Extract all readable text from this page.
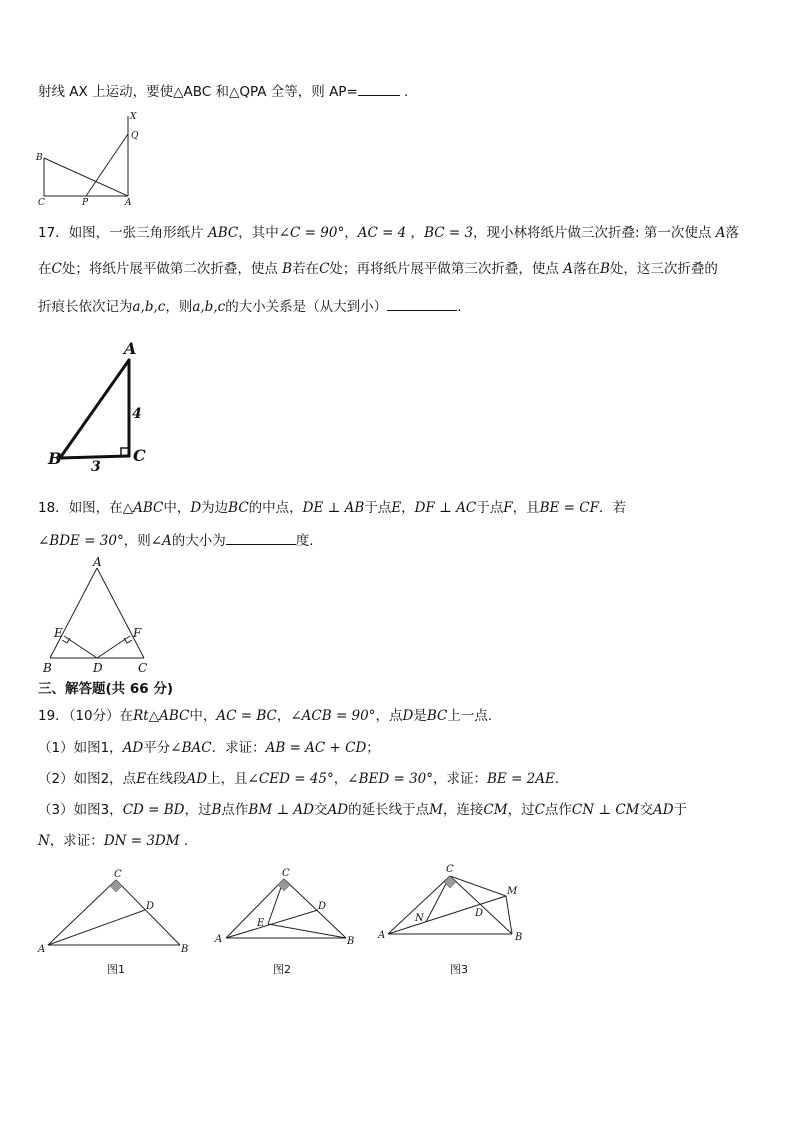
射线 AX 上运动，要使△ABC 和△QPA 全等，则 AP=	.
X
Q
B
C	P	A
17．如图，一张三角形纸片 ABC，其中∠C = 90°，AC = 4 ，BC = 3，现小林将纸片做三次折叠: 第一次使点 A落
在C处；将纸片展平做第二次折叠，使点 B若在C处；再将纸片展平做第三次折叠，使点 A落在B处，这三次折叠的
折痕长依次记为a,b,c，则a,b,c的大小关系是（从大到小）	.
A
B	C
4
3
18．如图，在△ABC中，D为边BC的中点，DE ⊥ AB于点E，DF ⊥ AC于点F，且BE = CF．若
∠BDE = 30°，则∠A的大小为	度.
A
B	C
D
E	F
三、解答题(共 66 分)
19．（10分）在Rt△ABC中，AC = BC，∠ACB = 90°，点D是BC上一点.
（1）如图1，AD平分∠BAC．求证：AB = AC + CD；
（2）如图2，点E在线段AD上，且∠CED = 45°，∠BED = 30°，求证：BE = 2AE．
（3）如图3，CD = BD，过B点作BM ⊥ AD交AD的延长线于点M，连接CM，过C点作CN ⊥ CM交AD于
N，求证：DN = 3DM .
C
A	B
D
图1
C
A	B
D
E
图2
C
A	B
D
M
N
图3
